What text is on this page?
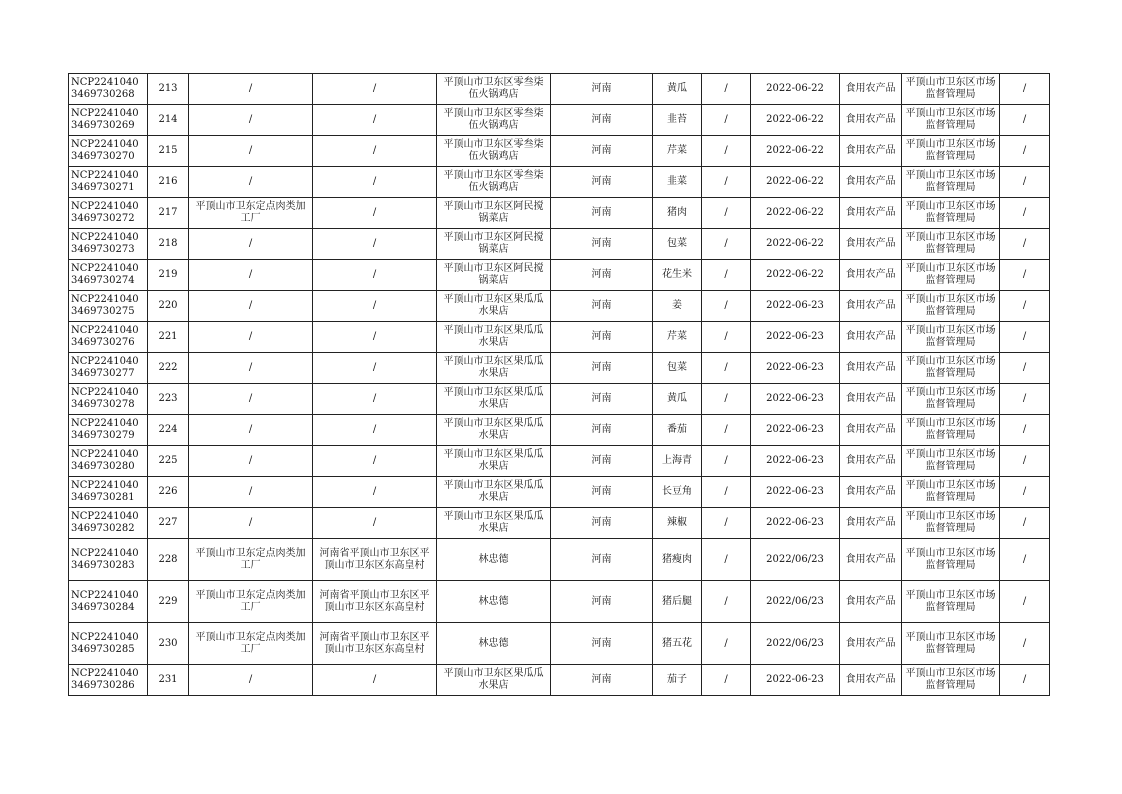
NCP22410403469730268	213	/	/	平顶山市卫东区零叁柒伍火锅鸡店	河南	黄瓜	/	2022-06-22	食用农产品	平顶山市卫东区市场监督管理局	/
NCP22410403469730269	214	/	/	平顶山市卫东区零叁柒伍火锅鸡店	河南	韭苔	/	2022-06-22	食用农产品	平顶山市卫东区市场监督管理局	/
NCP22410403469730270	215	/	/	平顶山市卫东区零叁柒伍火锅鸡店	河南	芹菜	/	2022-06-22	食用农产品	平顶山市卫东区市场监督管理局	/
NCP22410403469730271	216	/	/	平顶山市卫东区零叁柒伍火锅鸡店	河南	韭菜	/	2022-06-22	食用农产品	平顶山市卫东区市场监督管理局	/
NCP22410403469730272	217	平顶山市卫东定点肉类加工厂	/	平顶山市卫东区阿民搅锅菜店	河南	猪肉	/	2022-06-22	食用农产品	平顶山市卫东区市场监督管理局	/
NCP22410403469730273	218	/	/	平顶山市卫东区阿民搅锅菜店	河南	包菜	/	2022-06-22	食用农产品	平顶山市卫东区市场监督管理局	/
NCP22410403469730274	219	/	/	平顶山市卫东区阿民搅锅菜店	河南	花生米	/	2022-06-22	食用农产品	平顶山市卫东区市场监督管理局	/
NCP22410403469730275	220	/	/	平顶山市卫东区果瓜瓜水果店	河南	姜	/	2022-06-23	食用农产品	平顶山市卫东区市场监督管理局	/
NCP22410403469730276	221	/	/	平顶山市卫东区果瓜瓜水果店	河南	芹菜	/	2022-06-23	食用农产品	平顶山市卫东区市场监督管理局	/
NCP22410403469730277	222	/	/	平顶山市卫东区果瓜瓜水果店	河南	包菜	/	2022-06-23	食用农产品	平顶山市卫东区市场监督管理局	/
NCP22410403469730278	223	/	/	平顶山市卫东区果瓜瓜水果店	河南	黄瓜	/	2022-06-23	食用农产品	平顶山市卫东区市场监督管理局	/
NCP22410403469730279	224	/	/	平顶山市卫东区果瓜瓜水果店	河南	番茄	/	2022-06-23	食用农产品	平顶山市卫东区市场监督管理局	/
NCP22410403469730280	225	/	/	平顶山市卫东区果瓜瓜水果店	河南	上海青	/	2022-06-23	食用农产品	平顶山市卫东区市场监督管理局	/
NCP22410403469730281	226	/	/	平顶山市卫东区果瓜瓜水果店	河南	长豆角	/	2022-06-23	食用农产品	平顶山市卫东区市场监督管理局	/
NCP22410403469730282	227	/	/	平顶山市卫东区果瓜瓜水果店	河南	辣椒	/	2022-06-23	食用农产品	平顶山市卫东区市场监督管理局	/
NCP22410403469730283	228	平顶山市卫东定点肉类加工厂	河南省平顶山市卫东区平顶山市卫东区东高皇村	林忠德	河南	猪瘦肉	/	2022/06/23	食用农产品	平顶山市卫东区市场监督管理局	/
NCP22410403469730284	229	平顶山市卫东定点肉类加工厂	河南省平顶山市卫东区平顶山市卫东区东高皇村	林忠德	河南	猪后腿	/	2022/06/23	食用农产品	平顶山市卫东区市场监督管理局	/
NCP22410403469730285	230	平顶山市卫东定点肉类加工厂	河南省平顶山市卫东区平顶山市卫东区东高皇村	林忠德	河南	猪五花	/	2022/06/23	食用农产品	平顶山市卫东区市场监督管理局	/
NCP22410403469730286	231	/	/	平顶山市卫东区果瓜瓜水果店	河南	茄子	/	2022-06-23	食用农产品	平顶山市卫东区市场监督管理局	/
